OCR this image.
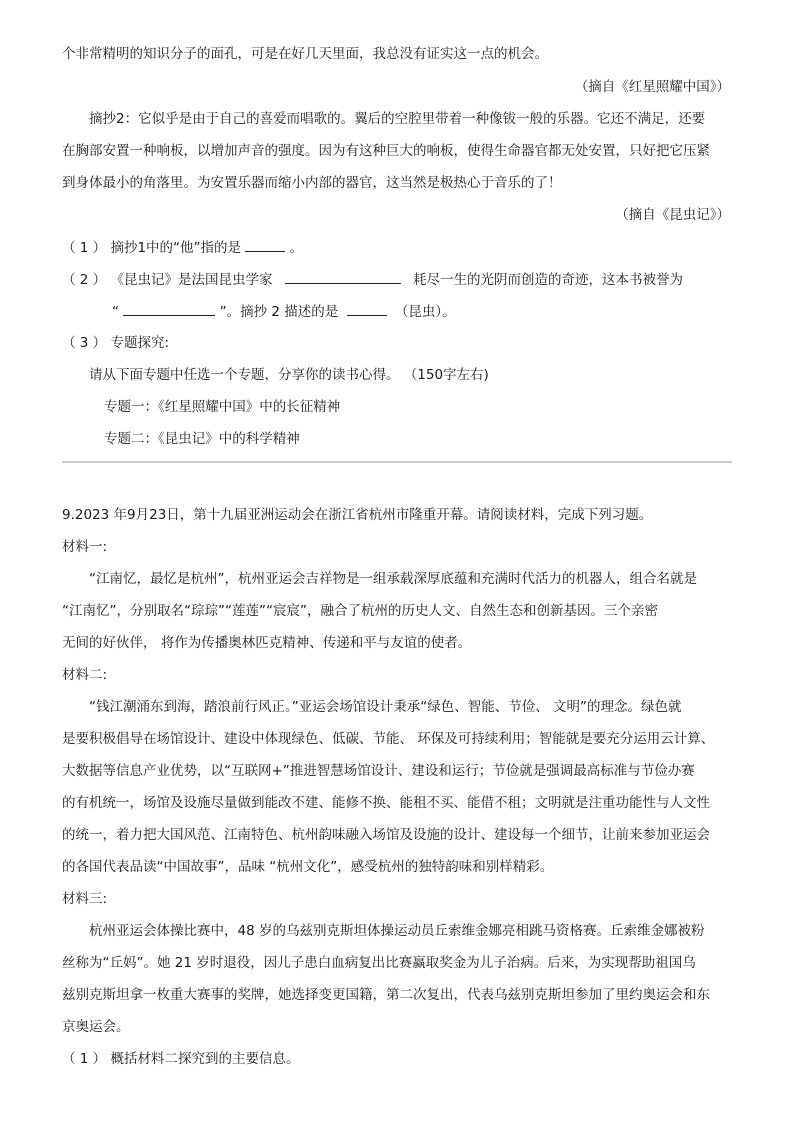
个非常精明的知识分子的面孔，可是在好几天里面，我总没有证实这一点的机会。
（摘自《红星照耀中国》）
摘抄2：它似乎是由于自己的喜爱而唱歌的。翼后的空腔里带着一种像钹一般的乐器。它还不满足，还要
在胸部安置一种响板，以增加声音的强度。因为有这种巨大的响板，使得生命器官都无处安置，只好把它压紧
到身体最小的角落里。为安置乐器而缩小内部的器官，这当然是极热心于音乐的了！
（摘自《昆虫记》）
（ 1 ） 摘抄1中的“他”指的是	。
（ 2 ） 《昆虫记》是法国昆虫学家	耗尽一生的光阴而创造的奇迹，这本书被誉为
“	”。摘抄 2 描述的是	（昆虫）。
（ 3 ） 专题探究:
请从下面专题中任选一个专题，分享你的读书心得。 （150字左右)
专题一：《红星照耀中国》中的长征精神
专题二：《昆虫记》中的科学精神
9.2023 年9月23日，第十九届亚洲运动会在浙江省杭州市隆重开幕。请阅读材料，完成下列习题。
材料一:
“江南忆，最忆是杭州”，杭州亚运会吉祥物是一组承载深厚底蕴和充满时代活力的机器人，组合名就是
“江南忆”，分别取名“琮琮”“莲莲”“宸宸”，融合了杭州的历史人文、自然生态和创新基因。三个亲密
无间的好伙伴， 将作为传播奥林匹克精神、传递和平与友谊的使者。
材料二:
“钱江潮涌东到海，踏浪前行风正。”亚运会场馆设计秉承“绿色、智能、节俭、 文明”的理念。绿色就
是要积极倡导在场馆设计、建设中体现绿色、低碳、节能、 环保及可持续利用；智能就是要充分运用云计算、
大数据等信息产业优势，以“互联网+”推进智慧场馆设计、建设和运行；节俭就是强调最高标准与节俭办赛
的有机统一，场馆及设施尽量做到能改不建、能修不换、能租不买、能借不租；文明就是注重功能性与人文性
的统一，着力把大国风范、江南特色、杭州韵味融入场馆及设施的设计、建设每一个细节，让前来参加亚运会
的各国代表品读“中国故事”，品味 “杭州文化”，感受杭州的独特韵味和别样精彩。
材料三:
杭州亚运会体操比赛中，48 岁的乌兹别克斯坦体操运动员丘索维金娜亮相跳马资格赛。丘索维金娜被粉
丝称为“丘妈”。她 21 岁时退役，因儿子患白血病复出比赛赢取奖金为儿子治病。后来，为实现帮助祖国乌
兹别克斯坦拿一枚重大赛事的奖牌，她选择变更国籍，第二次复出，代表乌兹别克斯坦参加了里约奥运会和东
京奥运会。
（ 1 ） 概括材料二探究到的主要信息。
